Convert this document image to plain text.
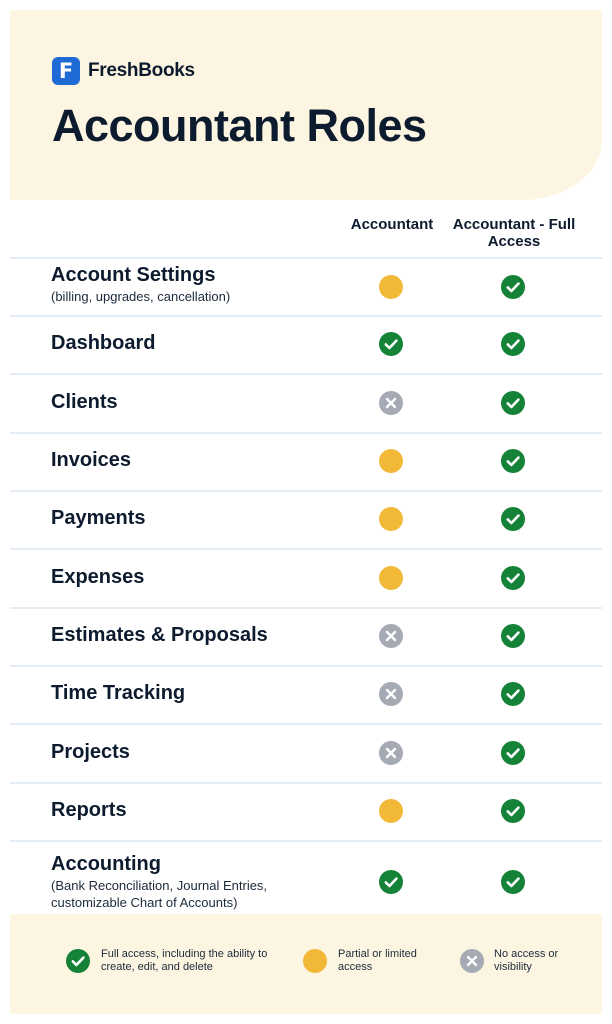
F FreshBooks
Accountant Roles
Accountant	Accountant - Full Access
Account Settings
(billing, upgrades, cancellation)
Dashboard
Clients
Invoices
Payments
Expenses
Estimates & Proposals
Time Tracking
Projects
Reports
Accounting
(Bank Reconciliation, Journal Entries, customizable Chart of Accounts)
Full access, including the ability to create, edit, and delete
Partial or limited access
No access or visibility
